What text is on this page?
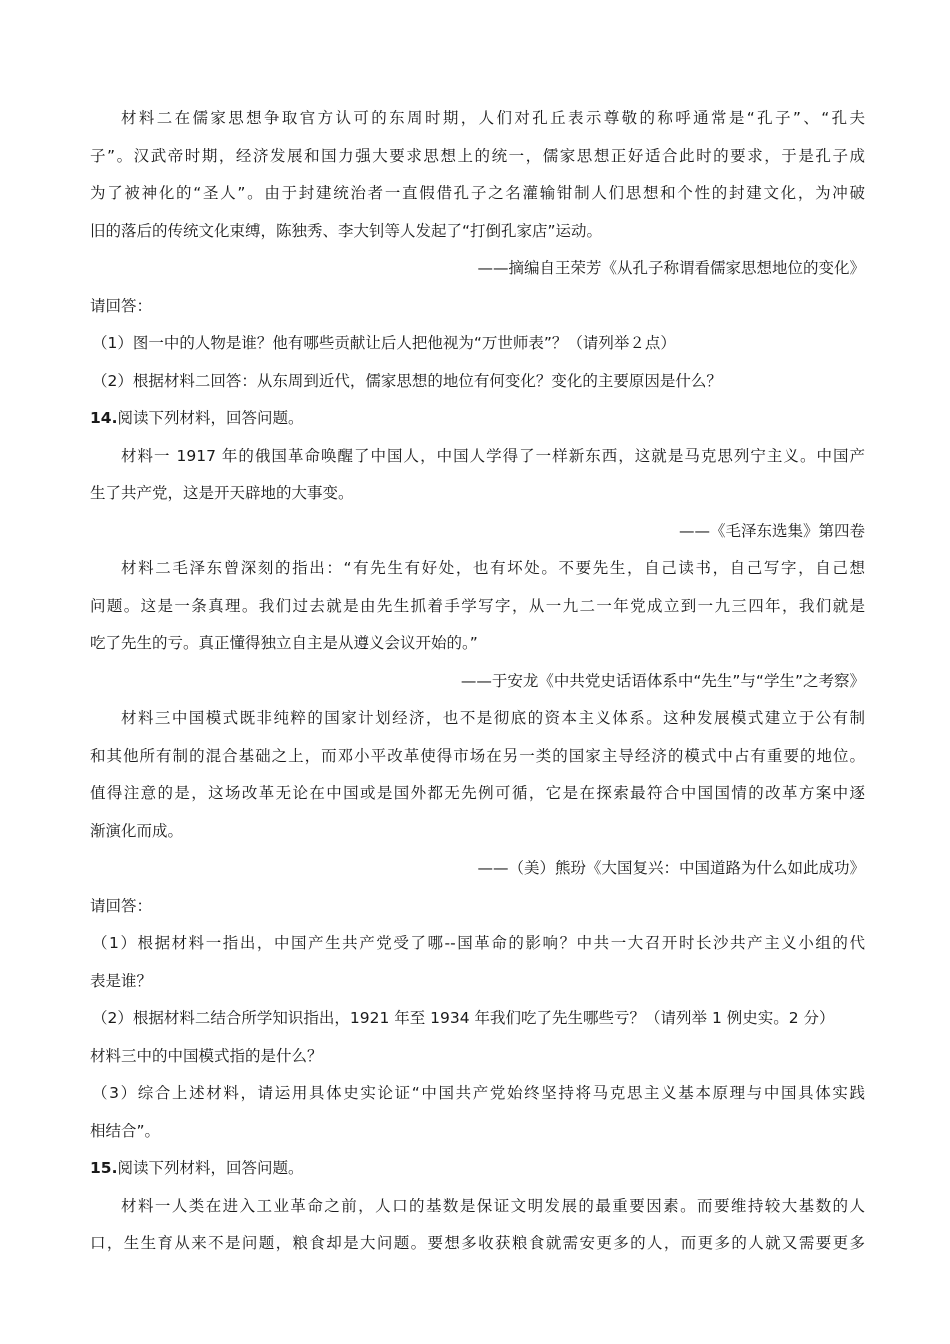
材料二在儒家思想争取官方认可的东周时期，人们对孔丘表示尊敬的称呼通常是“孔子”、“孔夫
子”。汉武帝时期，经济发展和国力强大要求思想上的统一，儒家思想正好适合此时的要求，于是孔子成
为了被神化的“圣人”。由于封建统治者一直假借孔子之名灌输钳制人们思想和个性的封建文化，为冲破
旧的落后的传统文化束缚，陈独秀、李大钊等人发起了“打倒孔家店”运动。
——摘编自王荣芳《从孔子称谓看儒家思想地位的变化》
请回答：
（1）图一中的人物是谁？他有哪些贡献让后人把他视为“万世师表”？（请列举２点）
（2）根据材料二回答：从东周到近代，儒家思想的地位有何变化？变化的主要原因是什么？
14.阅读下列材料，回答问题。
材料一 1917 年的俄国革命唤醒了中国人，中国人学得了一样新东西，这就是马克思列宁主义。中国产
生了共产党，这是开天辟地的大事变。
——《毛泽东选集》第四卷
材料二毛泽东曾深刻的指出：“有先生有好处，也有坏处。不要先生，自己读书，自己写字，自己想
问题。这是一条真理。我们过去就是由先生抓着手学写字，从一九二一年党成立到一九三四年，我们就是
吃了先生的亏。真正懂得独立自主是从遵义会议开始的。”
——于安龙《中共党史话语体系中“先生”与“学生”之考察》
材料三中国模式既非纯粹的国家计划经济，也不是彻底的资本主义体系。这种发展模式建立于公有制
和其他所有制的混合基础之上，而邓小平改革使得市场在另一类的国家主导经济的模式中占有重要的地位。
值得注意的是，这场改革无论在中国或是国外都无先例可循，它是在探索最符合中国国情的改革方案中逐
渐演化而成。
——（美）熊玢《大国复兴：中国道路为什么如此成功》
请回答：
（1）根据材料一指出，中国产生共产党受了哪--国革命的影响？中共一大召开时长沙共产主义小组的代
表是谁？
（2）根据材料二结合所学知识指出，1921 年至 1934 年我们吃了先生哪些亏？（请列举 1 例史实。2 分）
材料三中的中国模式指的是什么？
（3）综合上述材料，请运用具体史实论证“中国共产党始终坚持将马克思主义基本原理与中国具体实践
相结合”。
15.阅读下列材料，回答问题。
材料一人类在进入工业革命之前，人口的基数是保证文明发展的最重要因素。而要维持较大基数的人
口，生生育从来不是问题，粮食却是大问题。要想多收获粮食就需安更多的人，而更多的人就又需要更多
